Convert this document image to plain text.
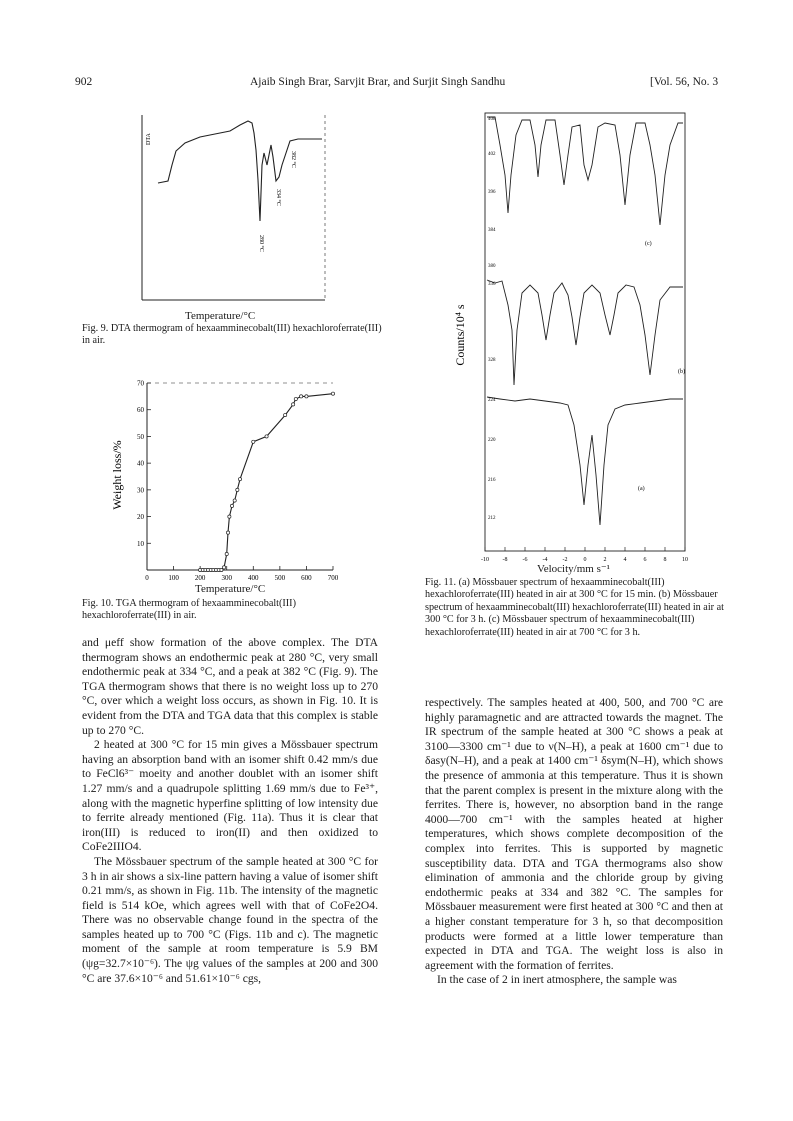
902	Ajaib Singh Brar, Sarvjit Brar, and Surjit Singh Sandhu	[Vol. 56, No. 3
DTA
280 °C
334 °C
382 °C
Temperature/°C
Fig. 9. DTA thermogram of hexaamminecobalt(III) hexachloroferrate(III) in air.
0	100 200 300 400 500 600 700
10
20
30
40
50
60
70
Weight loss/%
Temperature/°C
Fig. 10. TGA thermogram of hexaamminecobalt(III) hexachloroferrate(III) in air.
Counts/10⁴ s
408
402
396
384
380
336
328
224
220
216
212
(c)
(b)
(a)
-10 -8	-6	-4	-2	0	2	4	6	8	10
Velocity/mm s⁻¹
Fig. 11. (a) Mössbauer spectrum of hexaamminecobalt(III) hexachloroferrate(III) heated in air at 300 °C for 15 min. (b) Mössbauer spectrum of hexaamminecobalt(III) hexachloroferrate(III) heated in air at 300 °C for 3 h. (c) Mössbauer spectrum of hexaamminecobalt(III) hexachloroferrate(III) heated in air at 700 °C for 3 h.

and μeff show formation of the above complex. The DTA thermogram shows an endothermic peak at 280 °C, very small endothermic peak at 334 °C, and a peak at 382 °C (Fig. 9). The TGA thermogram shows that there is no weight loss up to 270 °C, over which a weight loss occurs, as shown in Fig. 10. It is evident from the DTA and TGA data that this complex is stable up to 270 °C.

2 heated at 300 °C for 15 min gives a Mössbauer spectrum having an absorption band with an isomer shift 0.42 mm/s due to FeCl6³⁻ moeity and another doublet with an isomer shift 1.27 mm/s and a quadrupole splitting 1.69 mm/s due to Fe³⁺, along with the magnetic hyperfine splitting of low intensity due to ferrite already mentioned (Fig. 11a). Thus it is clear that iron(III) is reduced to iron(II) and then oxidized to CoFe2IIIO4.

The Mössbauer spectrum of the sample heated at 300 °C for 3 h in air shows a six-line pattern having a value of isomer shift 0.21 mm/s, as shown in Fig. 11b. The intensity of the magnetic field is 514 kOe, which agrees well with that of CoFe2O4. There was no observable change found in the spectra of the samples heated up to 700 °C (Figs. 11b and c). The magnetic moment of the sample at room temperature is 5.9 BM (ψg=32.7×10⁻⁶). The ψg values of the samples at 200 and 300 °C are 37.6×10⁻⁶ and 51.61×10⁻⁶ cgs,

respectively. The samples heated at 400, 500, and 700 °C are highly paramagnetic and are attracted towards the magnet. The IR spectrum of the sample heated at 300 °C shows a peak at 3100—3300 cm⁻¹ due to ν(N–H), a peak at 1600 cm⁻¹ due to δasy(N–H), and a peak at 1400 cm⁻¹ δsym(N–H), which shows the presence of ammonia at this temperature. Thus it is shown that the parent complex is present in the mixture along with the ferrites. There is, however, no absorption band in the range 4000—700 cm⁻¹ with the samples heated at higher temperatures, which shows complete decomposition of the complex into ferrites. This is supported by magnetic susceptibility data. DTA and TGA thermograms also show elimination of ammonia and the chloride group by giving endothermic peaks at 334 and 382 °C. The samples for Mössbauer measurement were first heated at 300 °C and then at a higher constant temperature for 3 h, so that decomposition products were formed at a little lower temperature than expected in DTA and TGA. The weight loss is also in agreement with the formation of ferrites.

In the case of 2 in inert atmosphere, the sample was
